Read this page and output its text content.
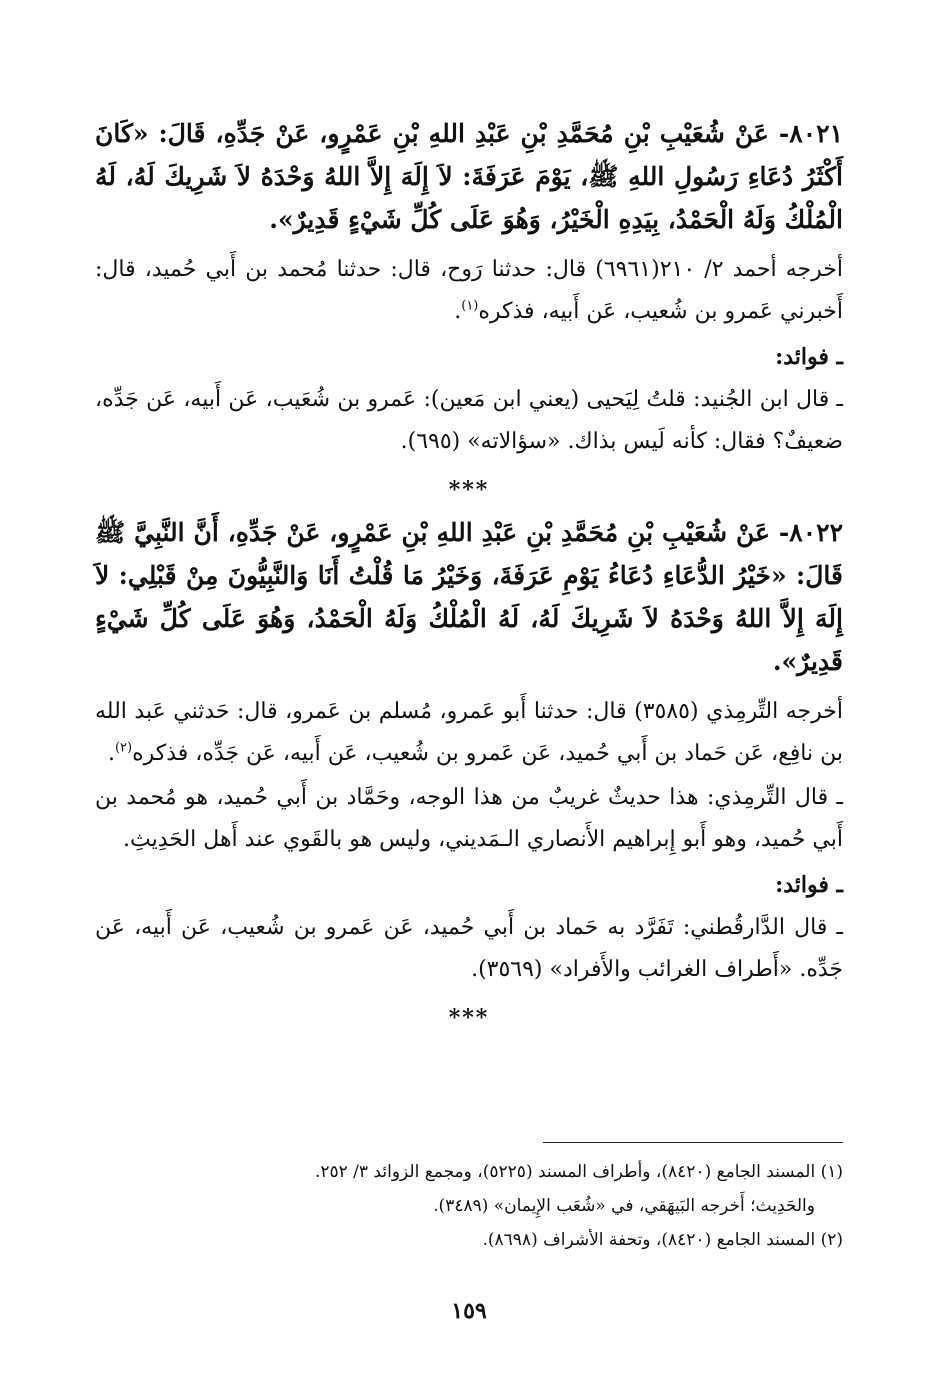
٨٠٢١- عَنْ شُعَيْبِ بْنِ مُحَمَّدِ بْنِ عَبْدِ اللهِ بْنِ عَمْرٍو، عَنْ جَدِّهِ، قَالَ: «كَانَ أَكْثَرُ دُعَاءِ رَسُولِ اللهِ ﷺ، يَوْمَ عَرَفَةَ: لاَ إِلَهَ إِلاَّ اللهُ وَحْدَهُ لاَ شَرِيكَ لَهُ، لَهُ الْمُلْكُ وَلَهُ الْحَمْدُ، بِيَدِهِ الْخَيْرُ، وَهُوَ عَلَى كُلِّ شَيْءٍ قَدِيرٌ».

أخرجه أحمد ٢/ ٢١٠(٦٩٦١) قال: حدثنا رَوح، قال: حدثنا مُحمد بن أَبي حُميد، قال: أَخبرني عَمرو بن شُعيب، عَن أَبيه، فذكره$^{(١)}$.

ـ فوائد:

ـ قال ابن الجُنيد: قلتُ لِيَحيى (يعني ابن مَعين): عَمرو بن شُعَيب، عَن أَبيه، عَن جَدِّه، ضعيفٌ؟ فقال: كأنه لَيس بذاك. «سؤالاته» (٦٩٥).

***

٨٠٢٢- عَنْ شُعَيْبِ بْنِ مُحَمَّدِ بْنِ عَبْدِ اللهِ بْنِ عَمْرٍو، عَنْ جَدِّهِ، أَنَّ النَّبِيَّ ﷺ قَالَ: «خَيْرُ الدُّعَاءِ دُعَاءُ يَوْمِ عَرَفَةَ، وَخَيْرُ مَا قُلْتُ أَنَا وَالنَّبِيُّونَ مِنْ قَبْلِي: لاَ إِلَهَ إِلاَّ اللهُ وَحْدَهُ لاَ شَرِيكَ لَهُ، لَهُ الْمُلْكُ وَلَهُ الْحَمْدُ، وَهُوَ عَلَى كُلِّ شَيْءٍ قَدِيرٌ».

أخرجه التِّرمِذي (٣٥٨٥) قال: حدثنا أَبو عَمرو، مُسلم بن عَمرو، قال: حَدثني عَبد الله بن نافِع، عَن حَماد بن أَبي حُميد، عَن عَمرو بن شُعيب، عَن أَبيه، عَن جَدِّه، فذكره$^{(٢)}$.

ـ قال التِّرمِذي: هذا حديثٌ غريبٌ من هذا الوجه، وحَمَّاد بن أَبي حُميد، هو مُحمد بن أَبي حُميد، وهو أَبو إِبراهيم الأَنصاري الـمَديني، وليس هو بالقَوي عند أَهل الحَدِيثِ.

ـ فوائد:

ـ قال الدَّارقُطني: تَفَرَّد به حَماد بن أَبي حُميد، عَن عَمرو بن شُعيب، عَن أَبيه، عَن جَدِّه. «أَطراف الغرائب والأَفراد» (٣٥٦٩).

***

(١) المسند الجامع (٨٤٢٠)، وأطراف المسند (٥٢٢٥)، ومجمع الزوائد ٣/ ٢٥٢.

والحَدِيث؛ أَخرجه البَيهَقي، في «شُعَب الإِيمان» (٣٤٨٩).

(٢) المسند الجامع (٨٤٢٠)، وتحفة الأشراف (٨٦٩٨).

١٥٩
